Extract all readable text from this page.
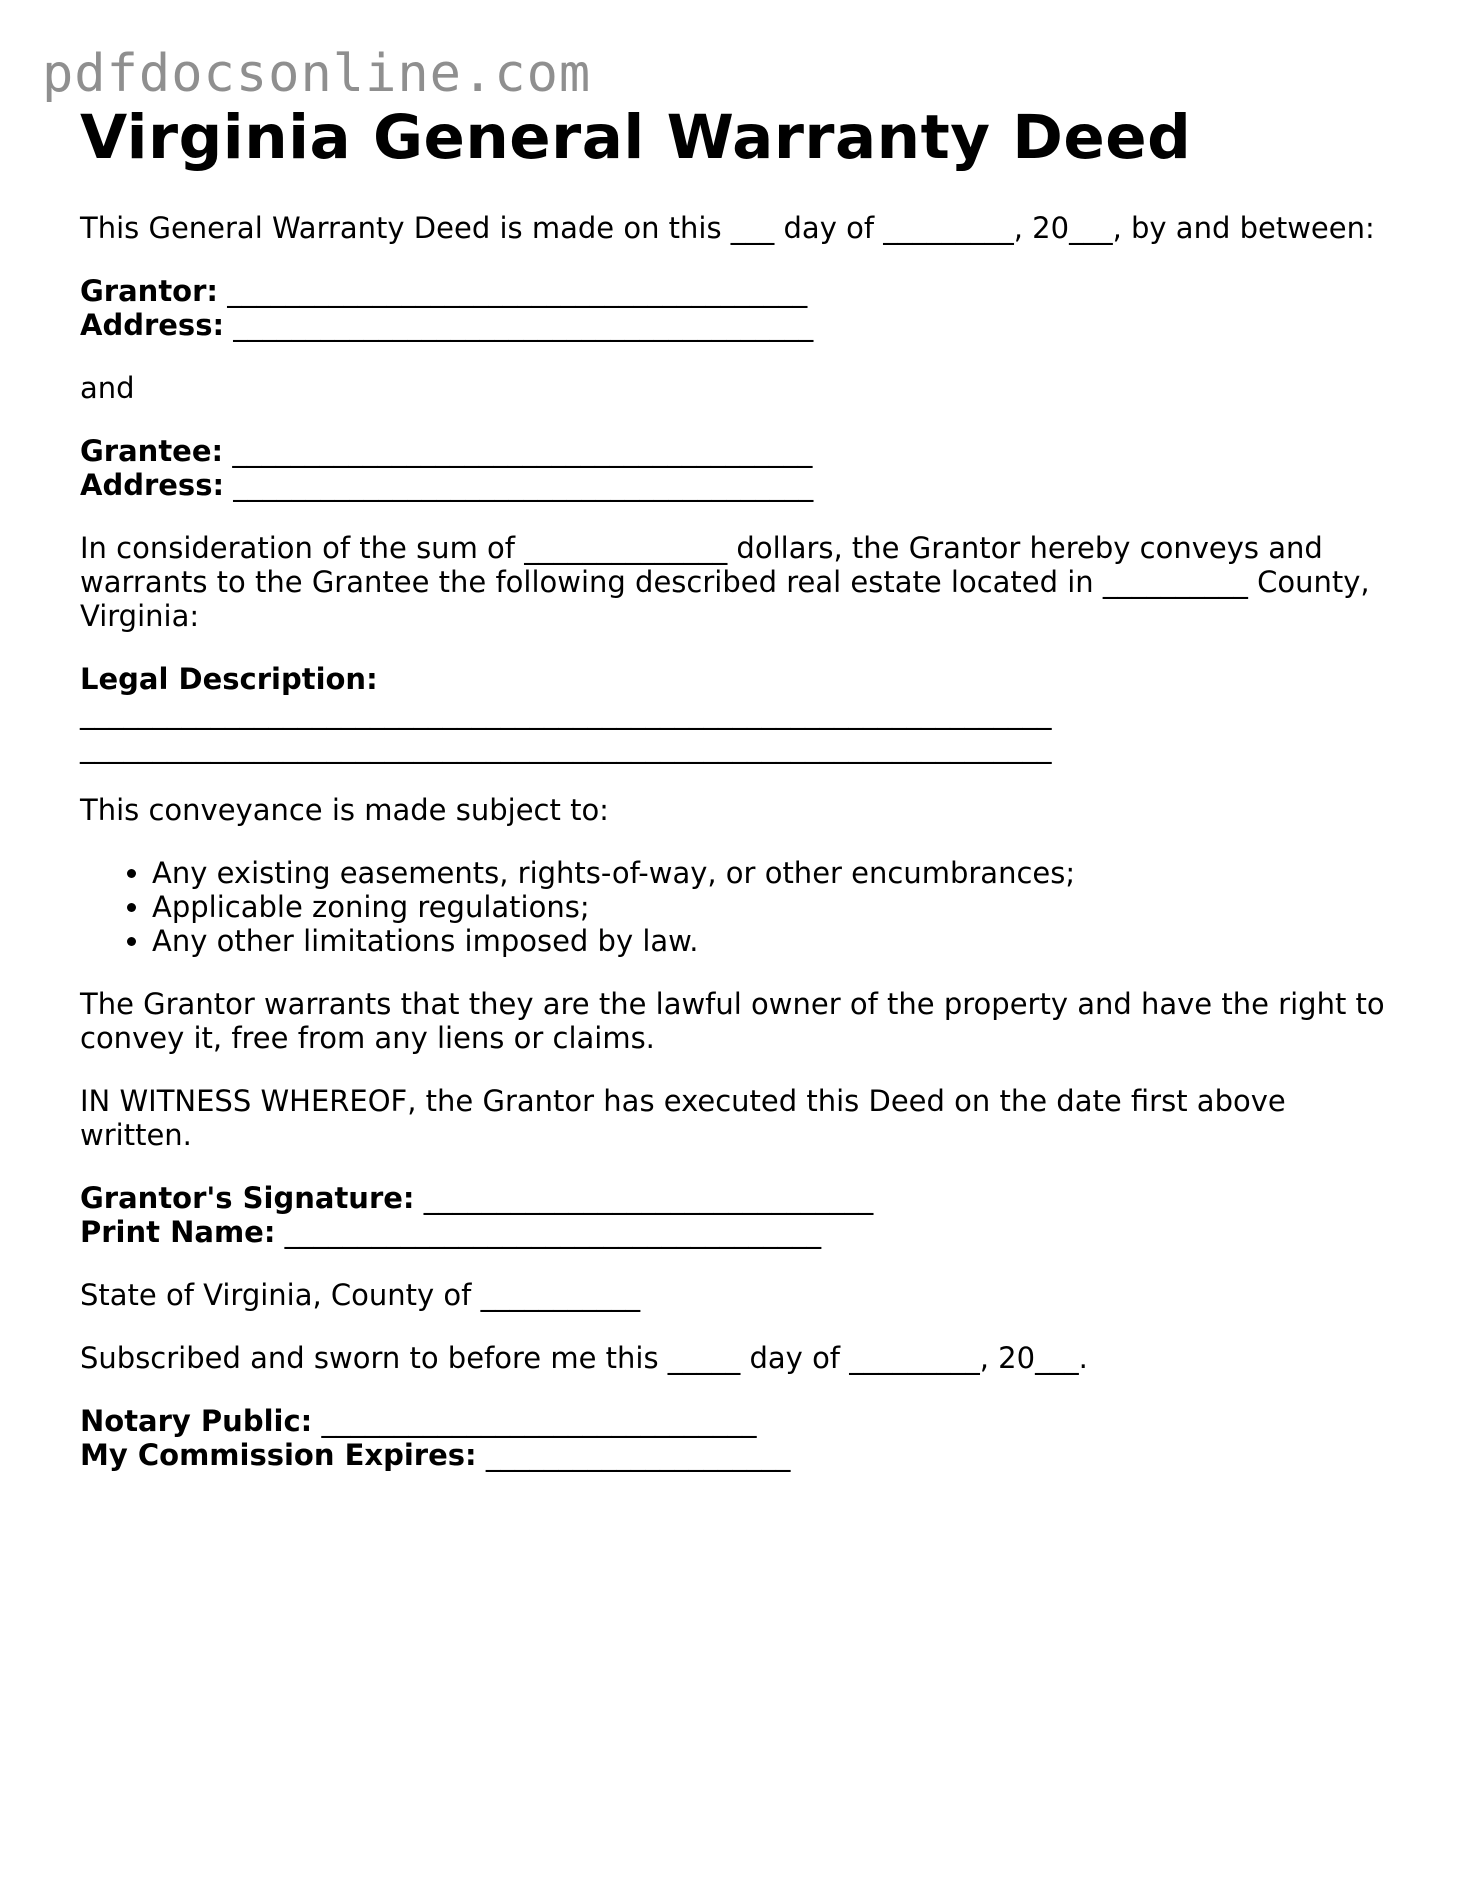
pdfdocsonline.com
Virginia General Warranty Deed
This General Warranty Deed is made on this ___ day of _________, 20___, by and between:
Grantor: ________________________________________
Address: ________________________________________
and
Grantee: ________________________________________
Address: ________________________________________
In consideration of the sum of ______________ dollars, the Grantor hereby conveys and warrants to the Grantee the following described real estate located in __________ County, Virginia:
Legal Description:
___________________________________________________________________
___________________________________________________________________
This conveyance is made subject to:
• Any existing easements, rights-of-way, or other encumbrances;
• Applicable zoning regulations;
• Any other limitations imposed by law.
The Grantor warrants that they are the lawful owner of the property and have the right to convey it, free from any liens or claims.
IN WITNESS WHEREOF, the Grantor has executed this Deed on the date first above written.
Grantor's Signature: _______________________________
Print Name: _____________________________________
State of Virginia, County of ___________
Subscribed and sworn to before me this _____ day of _________, 20___.
Notary Public: ______________________________
My Commission Expires: _____________________
